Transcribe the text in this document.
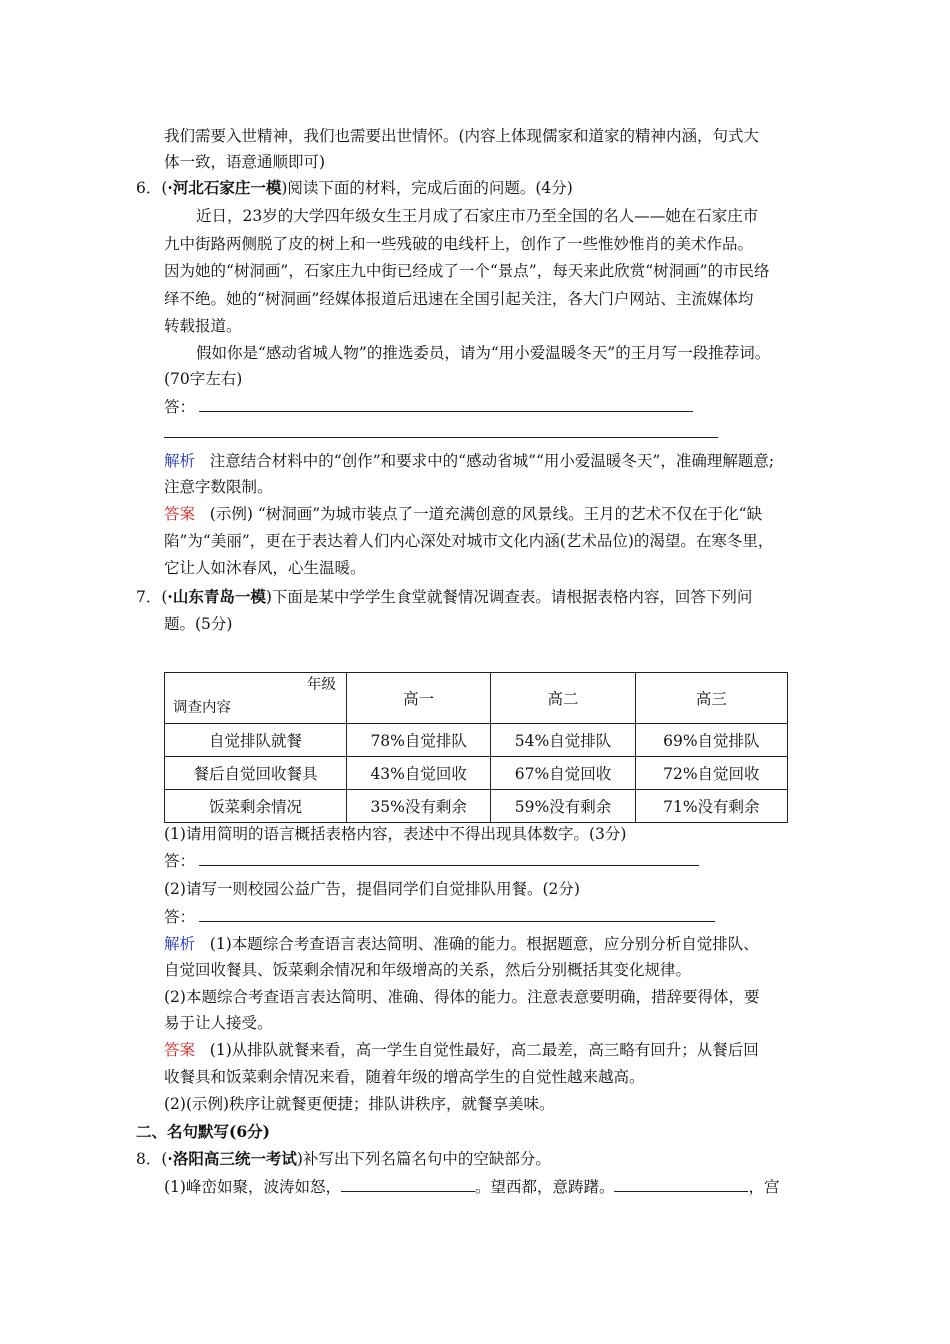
我们需要入世精神，我们也需要出世情怀。(内容上体现儒家和道家的精神内涵，句式大
体一致，语意通顺即可)
6．(·河北石家庄一模)阅读下面的材料，完成后面的问题。(4分)
近日，23岁的大学四年级女生王月成了石家庄市乃至全国的名人——她在石家庄市
九中街路两侧脱了皮的树上和一些残破的电线杆上，创作了一些惟妙惟肖的美术作品。
因为她的“树洞画”，石家庄九中街已经成了一个“景点”，每天来此欣赏“树洞画”的市民络
绎不绝。她的“树洞画”经媒体报道后迅速在全国引起关注，各大门户网站、主流媒体均
转载报道。
假如你是“感动省城人物”的推选委员，请为“用小爱温暖冬天”的王月写一段推荐词。
(70字左右)
答：
解析 注意结合材料中的“创作”和要求中的“感动省城”“用小爱温暖冬天”，准确理解题意;
注意字数限制。
答案 (示例) “树洞画”为城市装点了一道充满创意的风景线。王月的艺术不仅在于化“缺
陷”为“美丽”，更在于表达着人们内心深处对城市文化内涵(艺术品位)的渴望。在寒冬里，
它让人如沐春风，心生温暖。
7．(·山东青岛一模)下面是某中学学生食堂就餐情况调查表。请根据表格内容，回答下列问
题。(5分)
年级
调查内容	高一	高二	高三
自觉排队就餐	78%自觉排队	54%自觉排队	69%自觉排队
餐后自觉回收餐具	43%自觉回收	67%自觉回收	72%自觉回收
饭菜剩余情况	35%没有剩余	59%没有剩余	71%没有剩余
(1)请用简明的语言概括表格内容，表述中不得出现具体数字。(3分)
答：
(2)请写一则校园公益广告，提倡同学们自觉排队用餐。(2分)
答：
解析 (1)本题综合考查语言表达简明、准确的能力。根据题意，应分别分析自觉排队、
自觉回收餐具、饭菜剩余情况和年级增高的关系，然后分别概括其变化规律。
(2)本题综合考查语言表达简明、准确、得体的能力。注意表意要明确，措辞要得体，要
易于让人接受。
答案 (1)从排队就餐来看，高一学生自觉性最好，高二最差，高三略有回升；从餐后回
收餐具和饭菜剩余情况来看，随着年级的增高学生的自觉性越来越高。
(2)(示例)秩序让就餐更便捷；排队讲秩序，就餐享美味。
二、名句默写(6分)
8．(·洛阳高三统一考试)补写出下列名篇名句中的空缺部分。
(1)峰峦如聚，波涛如怒，	。望西都，意踌躇。	，宫
